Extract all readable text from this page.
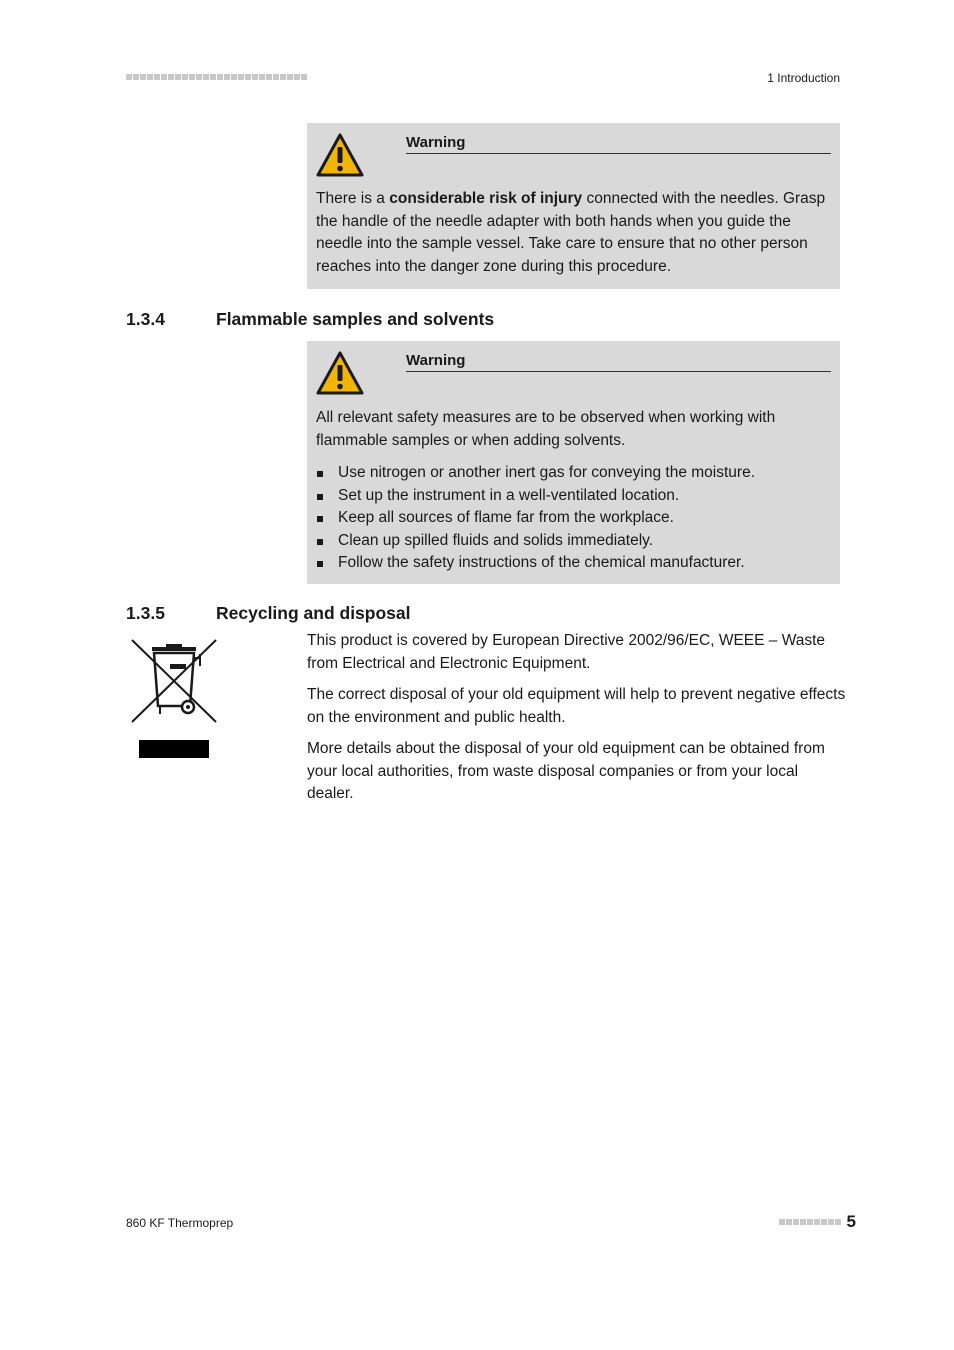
1 Introduction
Warning
There is a considerable risk of injury connected with the needles. Grasp the handle of the needle adapter with both hands when you guide the needle into the sample vessel. Take care to ensure that no other person reaches into the danger zone during this procedure.
1.3.4	Flammable samples and solvents
Warning
All relevant safety measures are to be observed when working with flammable samples or when adding solvents.
Use nitrogen or another inert gas for conveying the moisture.
Set up the instrument in a well-ventilated location.
Keep all sources of flame far from the workplace.
Clean up spilled fluids and solids immediately.
Follow the safety instructions of the chemical manufacturer.
1.3.5	Recycling and disposal

This product is covered by European Directive 2002/96/EC, WEEE – Waste from Electrical and Electronic Equipment.

The correct disposal of your old equipment will help to prevent negative effects on the environment and public health.

More details about the disposal of your old equipment can be obtained from your local authorities, from waste disposal companies or from your local dealer.

860 KF Thermoprep	5
